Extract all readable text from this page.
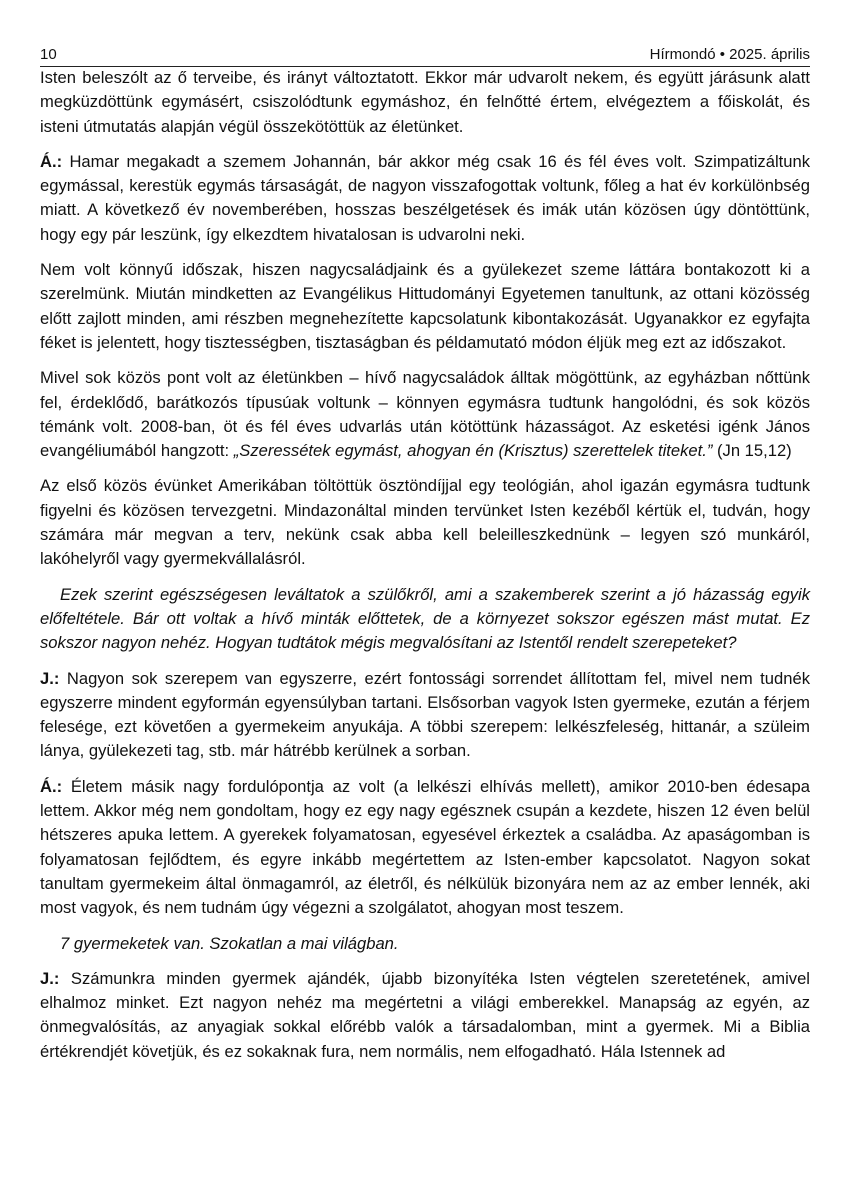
10	Hírmondó • 2025. április

Isten beleszólt az ő terveibe, és irányt változtatott. Ekkor már udvarolt nekem, és együtt járásunk alatt megküzdöttünk egymásért, csiszolódtunk egymáshoz, én felnőtté értem, elvégeztem a főiskolát, és isteni útmutatás alapján végül összekötöttük az életünket.

Á.: Hamar megakadt a szemem Johannán, bár akkor még csak 16 és fél éves volt. Szimpatizáltunk egymással, kerestük egymás társaságát, de nagyon visszafogottak voltunk, főleg a hat év korkülönbség miatt. A következő év novemberében, hosszas beszélgetések és imák után közösen úgy döntöttünk, hogy egy pár leszünk, így elkezdtem hivatalosan is udvarolni neki.

Nem volt könnyű időszak, hiszen nagycsaládjaink és a gyülekezet szeme láttára bontakozott ki a szerelmünk. Miután mindketten az Evangélikus Hittudományi Egyetemen tanultunk, az ottani közösség előtt zajlott minden, ami részben megnehezítette kapcsolatunk kibontakozását. Ugyanakkor ez egyfajta féket is jelentett, hogy tisztességben, tisztaságban és példamutató módon éljük meg ezt az időszakot.

Mivel sok közös pont volt az életünkben – hívő nagycsaládok álltak mögöttünk, az egyházban nőttünk fel, érdeklődő, barátkozós típusúak voltunk – könnyen egymásra tudtunk hangolódni, és sok közös témánk volt. 2008-ban, öt és fél éves udvarlás után kötöttünk házasságot. Az esketési igénk János evangéliumából hangzott: „Szeressétek egymást, ahogyan én (Krisztus) szerettelek titeket.” (Jn 15,12)

Az első közös évünket Amerikában töltöttük ösztöndíjjal egy teológián, ahol igazán egymásra tudtunk figyelni és közösen tervezgetni. Mindazonáltal minden tervünket Isten kezéből kértük el, tudván, hogy számára már megvan a terv, nekünk csak abba kell beleilleszkednünk – legyen szó munkáról, lakóhelyről vagy gyermekvállalásról.

Ezek szerint egészségesen leváltatok a szülőkről, ami a szakemberek szerint a jó házasság egyik előfeltétele. Bár ott voltak a hívő minták előttetek, de a környezet sokszor egészen mást mutat. Ez sokszor nagyon nehéz. Hogyan tudtátok mégis megvalósítani az Istentől rendelt szerepeteket?

J.: Nagyon sok szerepem van egyszerre, ezért fontossági sorrendet állítottam fel, mivel nem tudnék egyszerre mindent egyformán egyensúlyban tartani. Elsősorban vagyok Isten gyermeke, ezután a férjem felesége, ezt követően a gyermekeim anyukája. A többi szerepem: lelkészfeleség, hittanár, a szüleim lánya, gyülekezeti tag, stb. már hátrébb kerülnek a sorban.

Á.: Életem másik nagy fordulópontja az volt (a lelkészi elhívás mellett), amikor 2010-ben édesapa lettem. Akkor még nem gondoltam, hogy ez egy nagy egésznek csupán a kezdete, hiszen 12 éven belül hétszeres apuka lettem. A gyerekek folyamatosan, egyesével érkeztek a családba. Az apaságomban is folyamatosan fejlődtem, és egyre inkább megértettem az Isten-ember kapcsolatot. Nagyon sokat tanultam gyermekeim által önmagamról, az életről, és nélkülük bizonyára nem az az ember lennék, aki most vagyok, és nem tudnám úgy végezni a szolgálatot, ahogyan most teszem.

7 gyermeketek van. Szokatlan a mai világban.

J.: Számunkra minden gyermek ajándék, újabb bizonyítéka Isten végtelen szeretetének, amivel elhalmoz minket. Ezt nagyon nehéz ma megértetni a világi emberekkel. Manapság az egyén, az önmegvalósítás, az anyagiak sokkal előrébb valók a társadalomban, mint a gyermek. Mi a Biblia értékrendjét követjük, és ez sokaknak fura, nem normális, nem elfogadható. Hála Istennek ad
